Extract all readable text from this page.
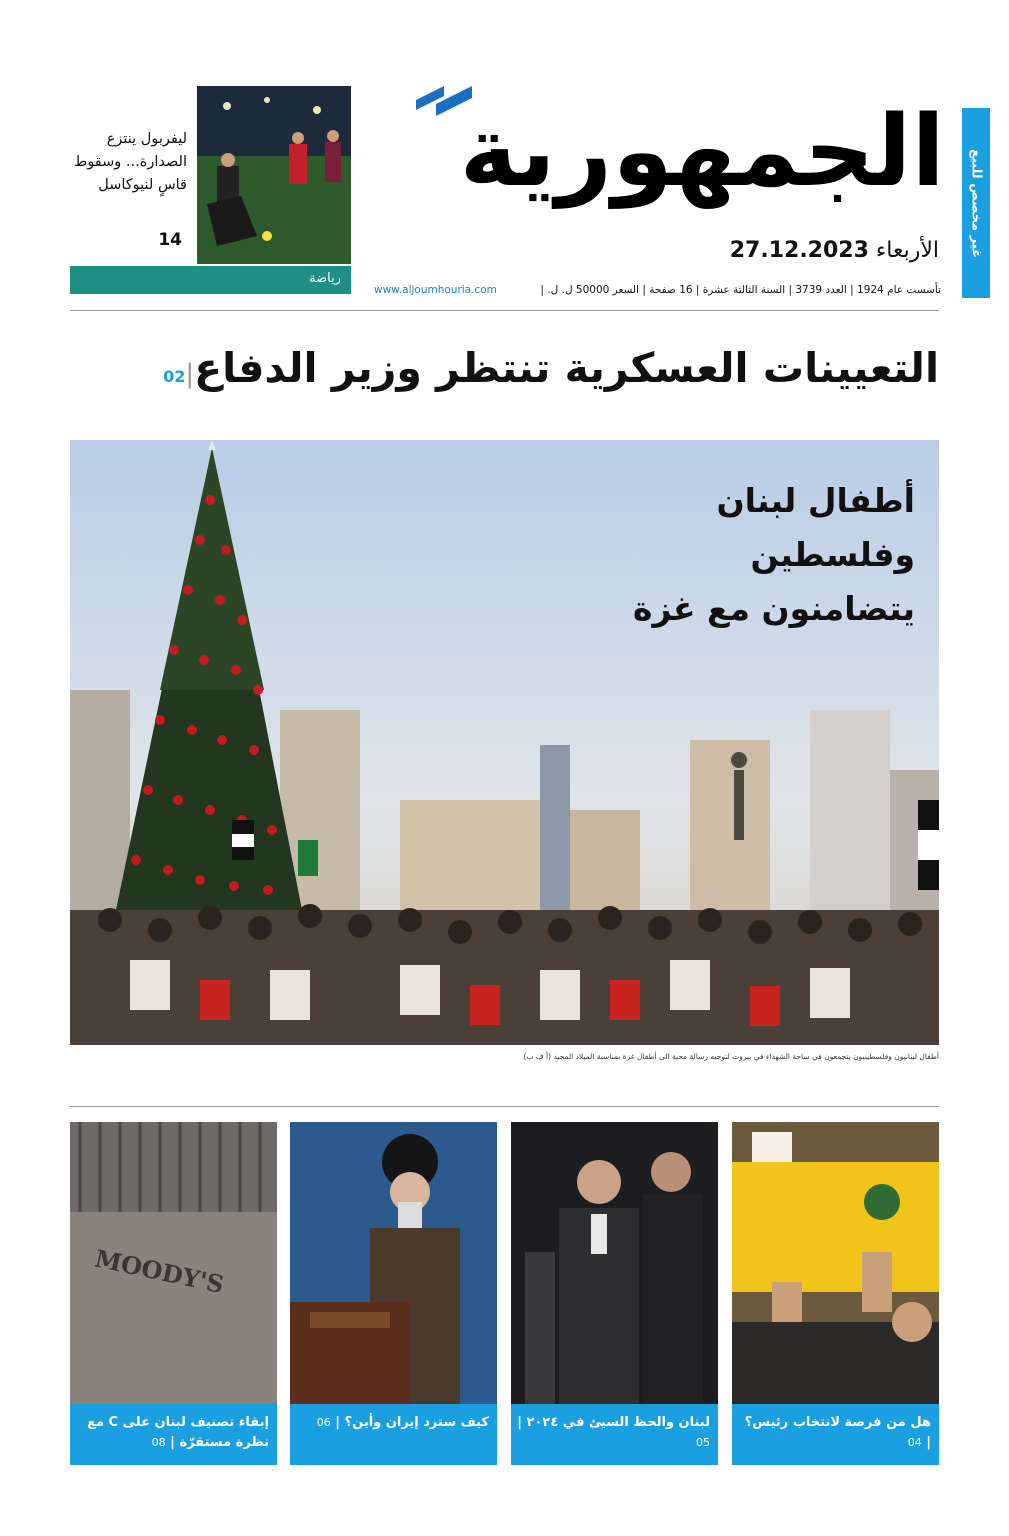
غير مخصص للبيع
الجمهورية
الأربعاء 27.12.2023
تأسست عام 1924 | العدد 3739 | السنة الثالثة عشرة | 16 صفحة | السعر 50000 ل. ل. |
www.aljoumhouria.com
ليفربول ينتزع الصدارة... وسقوط قاسٍ لنيوكاسل
14
رياضة
التعيينات العسكرية تنتظر وزير الدفاع|02
أطفال لبنان
وفلسطين
يتضامنون مع غزة
أطفال لبنانيون وفلسطينيون يتجمعون في ساحة الشهداء في بيروت لتوجيه رسالة محبة الى أطفال غزة بمناسبة الميلاد المجيد (أ ف ب)
هل من فرصة لانتخاب رئيس؟ | 04
لبنان والحظ السيئ في ٢٠٢٤ | 05
كيف سترد إيران وأين؟ | 06
MOODY'S
إبقاء تصنيف لبنان على C مع نظرة مستقرّة | 08
